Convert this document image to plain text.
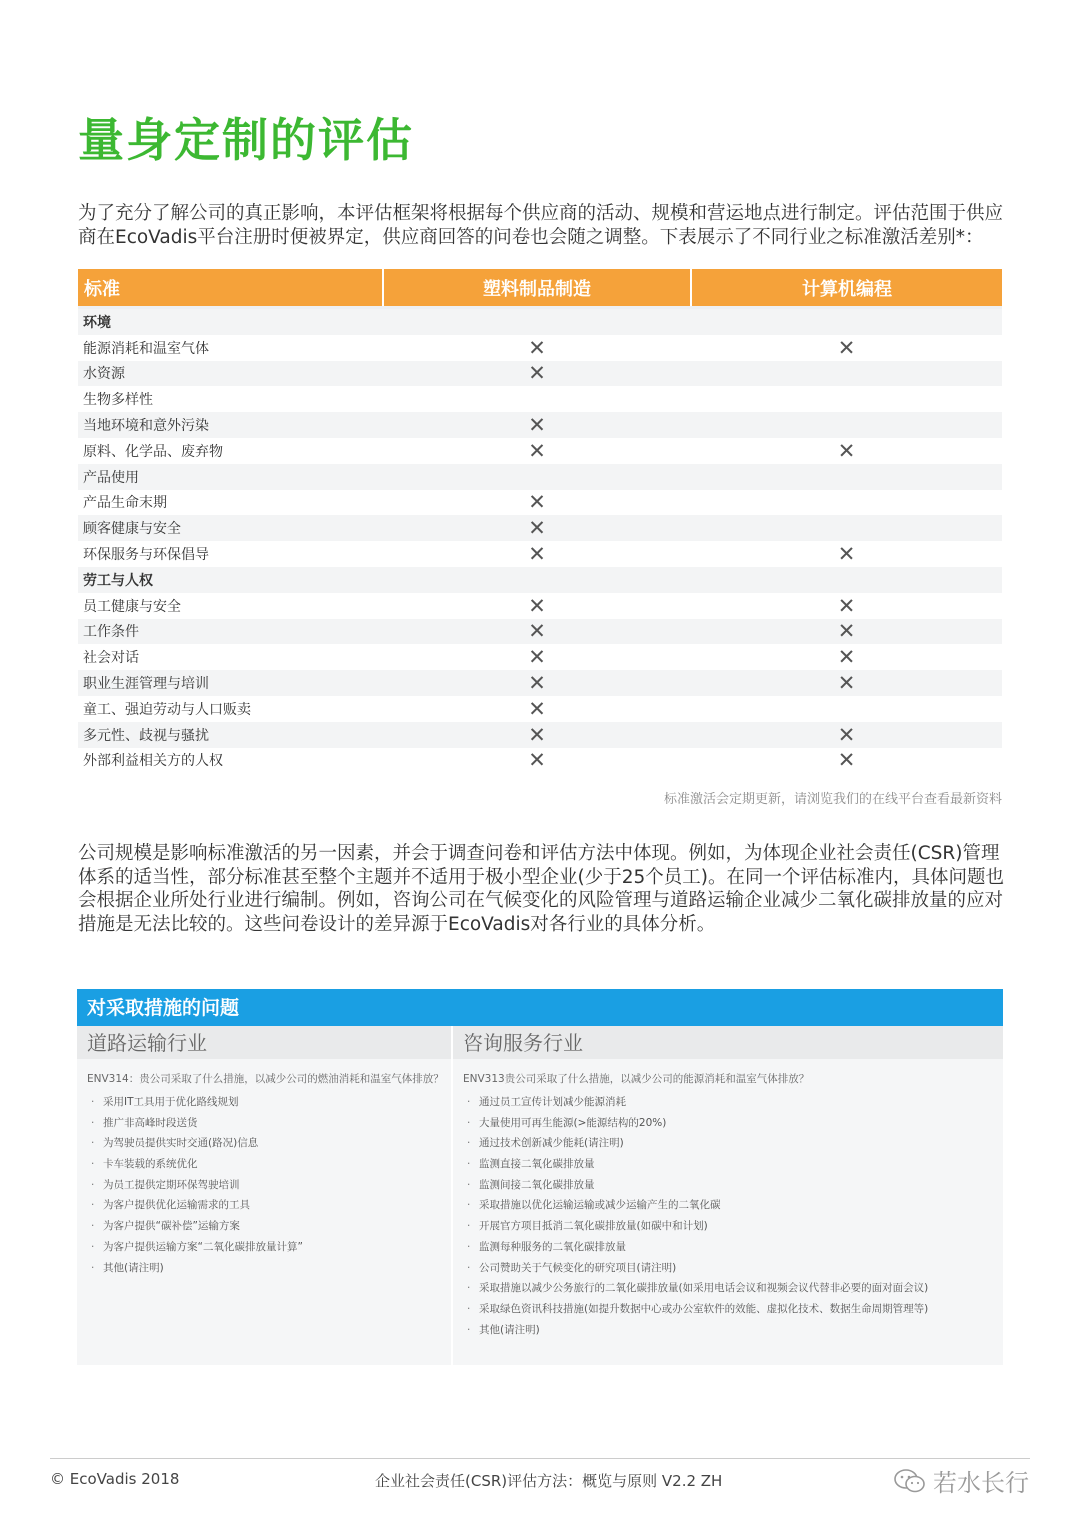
量身定制的评估

为了充分了解公司的真正影响，本评估框架将根据每个供应商的活动、规模和营运地点进行制定。评估范围于供应商在EcoVadis平台注册时便被界定，供应商回答的问卷也会随之调整。下表展示了不同行业之标准激活差别*：

标准	塑料制品制造	计算机编程
环境		
能源消耗和温室气体	✕	✕
水资源	✕	
生物多样性		
当地环境和意外污染	✕	
原料、化学品、废弃物	✕	✕
产品使用		
产品生命末期	✕	
顾客健康与安全	✕	
环保服务与环保倡导	✕	✕
劳工与人权		
员工健康与安全	✕	✕
工作条件	✕	✕
社会对话	✕	✕
职业生涯管理与培训	✕	✕
童工、强迫劳动与人口贩卖	✕	
多元性、歧视与骚扰	✕	✕
外部利益相关方的人权	✕	✕
标准激活会定期更新，请浏览我们的在线平台查看最新资料

公司规模是影响标准激活的另一因素，并会于调查问卷和评估方法中体现。例如，为体现企业社会责任(CSR)管理体系的适当性，部分标准甚至整个主题并不适用于极小型企业(少于25个员工)。在同一个评估标准内，具体问题也会根据企业所处行业进行编制。例如，咨询公司在气候变化的风险管理与道路运输企业减少二氧化碳排放量的应对措施是无法比较的。这些问卷设计的差异源于EcoVadis对各行业的具体分析。

对采取措施的问题
道路运输行业
ENV314：贵公司采取了什么措施，以减少公司的燃油消耗和温室气体排放？
· 采用IT工具用于优化路线规划
· 推广非高峰时段送货
· 为驾驶员提供实时交通(路况)信息
· 卡车装载的系统优化
· 为员工提供定期环保驾驶培训
· 为客户提供优化运输需求的工具
· 为客户提供“碳补偿”运输方案
· 为客户提供运输方案“二氧化碳排放量计算”
· 其他(请注明)
咨询服务行业
ENV313贵公司采取了什么措施，以减少公司的能源消耗和温室气体排放？
· 通过员工宣传计划减少能源消耗
· 大量使用可再生能源(>能源结构的20%)
· 通过技术创新减少能耗(请注明)
· 监测直接二氧化碳排放量
· 监测间接二氧化碳排放量
· 采取措施以优化运输运输或减少运输产生的二氧化碳
· 开展官方项目抵消二氧化碳排放量(如碳中和计划)
· 监测每种服务的二氧化碳排放量
· 公司赞助关于气候变化的研究项目(请注明)
· 采取措施以减少公务旅行的二氧化碳排放量(如采用电话会议和视频会议代替非必要的面对面会议)
· 采取绿色资讯科技措施(如提升数据中心或办公室软件的效能、虚拟化技术、数据生命周期管理等)
· 其他(请注明)
© EcoVadis 2018	企业社会责任(CSR)评估方法：概览与原则 V2.2 ZH	若水长行
